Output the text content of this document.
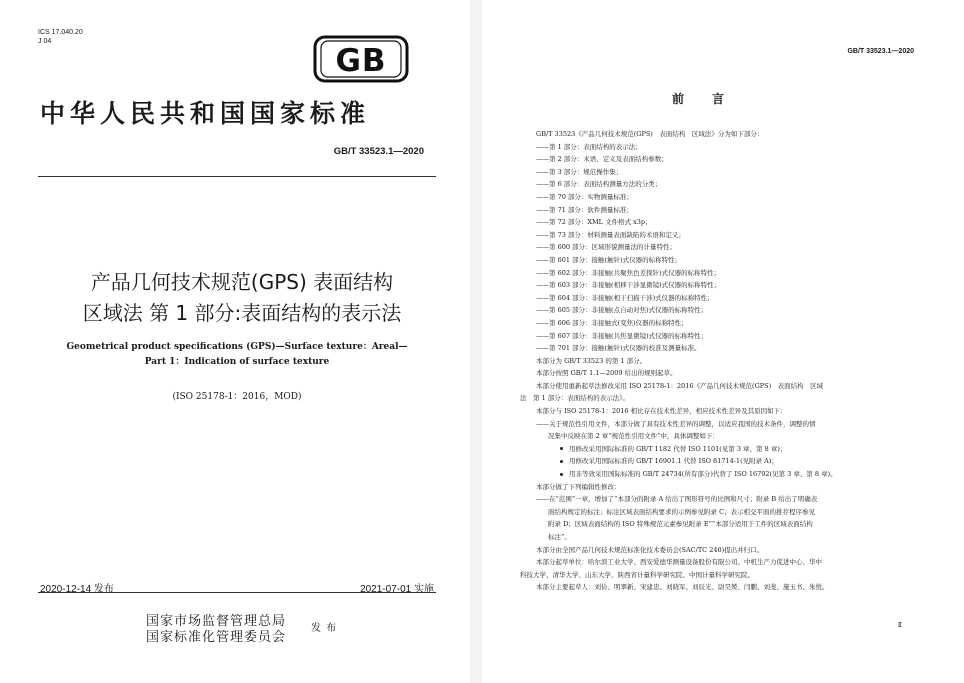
ICS 17.040.20
J 04
GB
中华人民共和国国家标准
GB/T 33523.1—2020
产品几何技术规范(GPS) 表面结构
区域法 第 1 部分:表面结构的表示法
Geometrical product specifications (GPS)—Surface texture：Areal—
Part 1：Indication of surface texture
(ISO 25178-1：2016，MOD)
2020-12-14 发布	2021-07-01 实施
国家市场监督管理总局
国家标准化管理委员会
发 布
GB/T 33523.1—2020
前言
GB/T 33523《产品几何技术规范(GPS)　表面结构　区域法》分为如下部分：
——第 1 部分：表面结构的表示法；
——第 2 部分：术语、定义及表面结构参数；
——第 3 部分：规范操作集；
——第 6 部分：表面结构测量方法的分类；
——第 70 部分：实物测量标准；
——第 71 部分：软件测量标准；
——第 72 部分：XML 文件格式 x3p；
——第 73 部分：材料测量表面缺陷的术语和定义；
——第 600 部分：区域形貌测量法的计量特性；
——第 601 部分：接触(触针)式仪器的标称特性；
——第 602 部分：非接触(共聚焦色差探针)式仪器的标称特性；
——第 603 部分：非接触(相移干涉显微镜)式仪器的标称特性；
——第 604 部分：非接触(相干扫描干涉)式仪器的标称特性；
——第 605 部分：非接触(点自动对焦)式仪器的标称特性；
——第 606 部分：非接触式(变焦)仪器的标称特性；
——第 607 部分：非接触(共焦显微镜)式仪器的标称特性；
——第 701 部分：接触(触针)式仪器的校准及测量标准。
本部分为 GB/T 33523 的第 1 部分。
本部分按照 GB/T 1.1—2009 给出的规则起草。
本部分使用重新起草法修改采用 ISO 25178-1：2016《产品几何技术规范(GPS)　表面结构　区域
法　第 1 部分：表面结构的表示法》。
本部分与 ISO 25178-1：2016 相比存在技术性差异，相应技术性差异及其原因如下：
——关于规范性引用文件，本部分做了具有技术性差异的调整，以适应我国的技术条件，调整的情
况集中反映在第 2 章“规范性引用文件”中，具体调整如下：
用修改采用国际标准的 GB/T 1182 代替 ISO 1101(见第 3 章、第 8 章)；
用修改采用国际标准的 GB/T 16901.1 代替 ISO 81714-1(见附录 A)；
用非等效采用国际标准的 GB/T 24734(所有部分)代替了 ISO 16792(见第 3 章、第 8 章)。
本部分做了下列编辑性修改：
——在“范围”一章，增加了“本部分的附录 A 给出了图形符号的比例和尺寸；附录 B 给出了明确表
面结构规定的标注；标注区域表面结构要求的示例参见附录 C；表示相交平面的推荐程序参见
附录 D；区域表面结构的 ISO 特殊规范元素参见附录 E”“本部分适用于工件的区域表面结构
标注”。
本部分由全国产品几何技术规范标准化技术委员会(SAC/TC 240)提出并归口。
本部分起草单位：哈尔滨工业大学、西安爱德华测量设备股份有限公司、中机生产力促进中心、华中
科技大学、清华大学、山东大学、陕西省计量科学研究院、中国计量科学研究院。
本部分主要起草人：刘俭、明翠新、宋建忠、刘晓军、刘辰光、尉昊赟、闫鹏、刘斐、施玉书、朱悦。
Ⅱ
